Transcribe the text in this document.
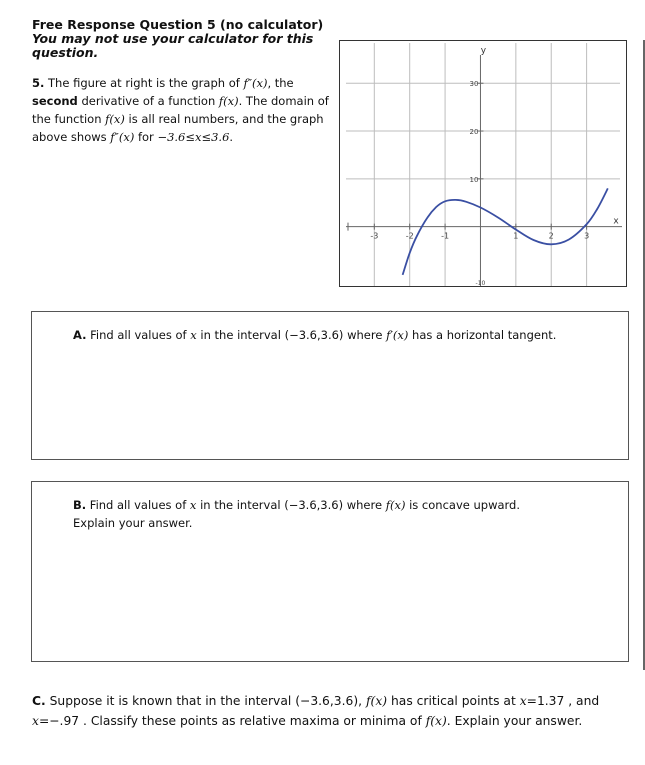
Free Response Question 5 (no calculator)
You may not use your calculator for this question.
5. The figure at right is the graph of f″(x), the second derivative of a function f(x). The domain of the function f(x) is all real numbers, and the graph above shows f″(x) for −3.6≤x≤3.6.
-3	-2	-1	1	2	3
10
20
30
-10
y
x
A. Find all values of x in the interval (−3.6,3.6) where f′(x) has a horizontal tangent.
B. Find all values of x in the interval (−3.6,3.6) where f(x) is concave upward.
Explain your answer.
C. Suppose it is known that in the interval (−3.6,3.6), f(x) has critical points at x=1.37 , and x=−.97 . Classify these points as relative maxima or minima of f(x). Explain your answer.
